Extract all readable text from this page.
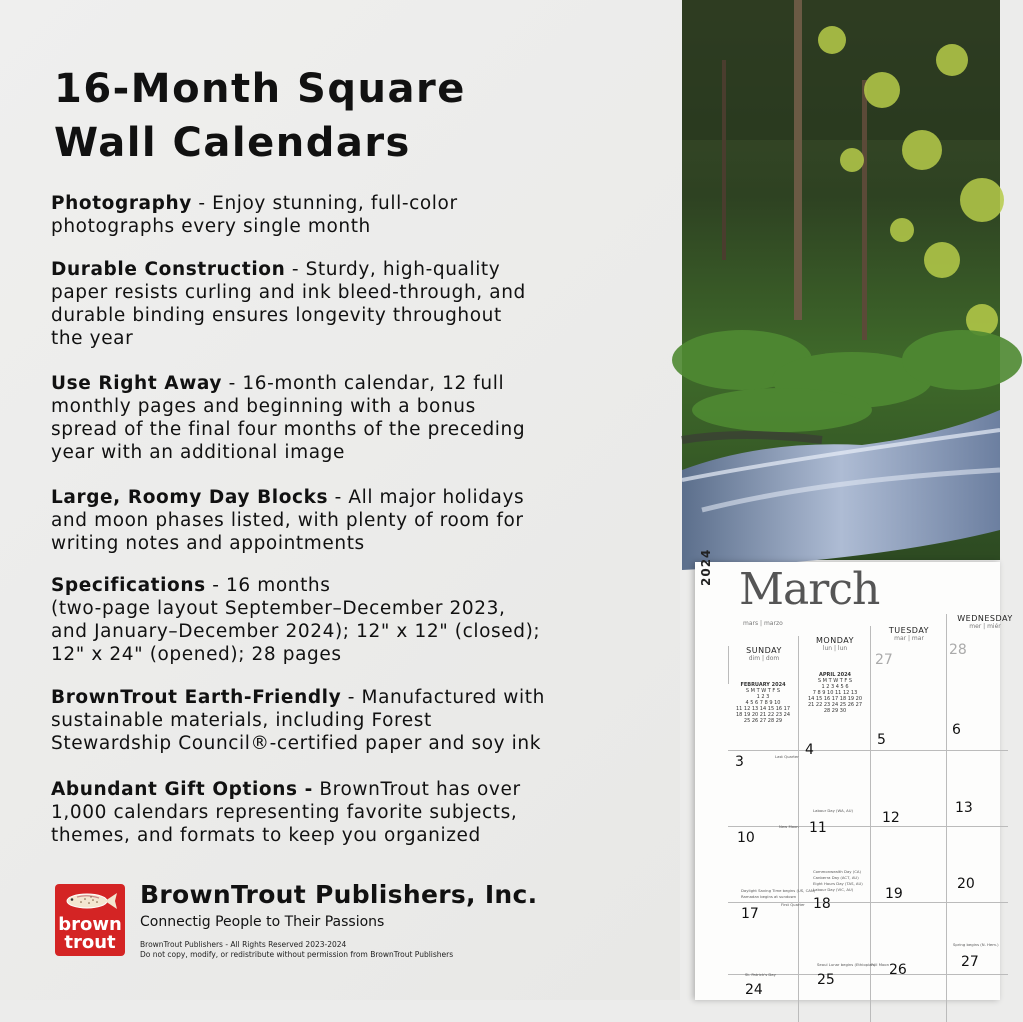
16-Month Square
Wall Calendars
Photography - Enjoy stunning, full-color
photographs every single month
Durable Construction - Sturdy, high-quality
paper resists curling and ink bleed-through, and
durable binding ensures longevity throughout
the year
Use Right Away - 16-month calendar, 12 full
monthly pages and beginning with a bonus
spread of the final four months of the preceding
year with an additional image
Large, Roomy Day Blocks - All major holidays
and moon phases listed, with plenty of room for
writing notes and appointments
Specifications - 16 months
(two-page layout September–December 2023,
and January–December 2024); 12" x 12" (closed);
12" x 24" (opened); 28 pages
BrownTrout Earth-Friendly - Manufactured with
sustainable materials, including Forest
Stewardship Council®-certified paper and soy ink
Abundant Gift Options - BrownTrout has over
1,000 calendars representing favorite subjects,
themes, and formats to keep you organized
brown
trout
BrownTrout Publishers, Inc.
Connectig People to Their Passions
BrownTrout Publishers - All Rights Reserved 2023-2024
Do not copy, modify, or redistribute without permission from BrownTrout Publishers
2024 March
mars | marzo
SUNDAY
dim | dom
MONDAY
lun | lun
TUESDAY
mar | mar
WEDNESDAY
mer | miér
FEBRUARY 2024
S M T W T F S
1 2 3
4 5 6 7 8 9 10
11 12 13 14 15 16 17
18 19 20 21 22 23 24
25 26 27 28 29
APRIL 2024
S M T W T F S
1 2 3 4 5 6
7 8 9 10 11 12 13
14 15 16 17 18 19 20
21 22 23 24 25 26 27
28 29 30
27
28
3
4
5
6
10
11
12
13
17
18
19
20
24
25
26	27
Last Quarter
Labour Day (WA, AU)
New Moon
Daylight Saving Time begins (US, CAN)
Ramadan begins at sundown
Commonwealth Day (CA)
Canberra Day (ACT, AU)
Eight Hours Day (TAS, AU)
Labour Day (VIC, AU)
First Quarter
St. Patrick's Day
Spring begins (N. Hem.)
Seoul Lunar begins (Ethiopian)
Full Moon
